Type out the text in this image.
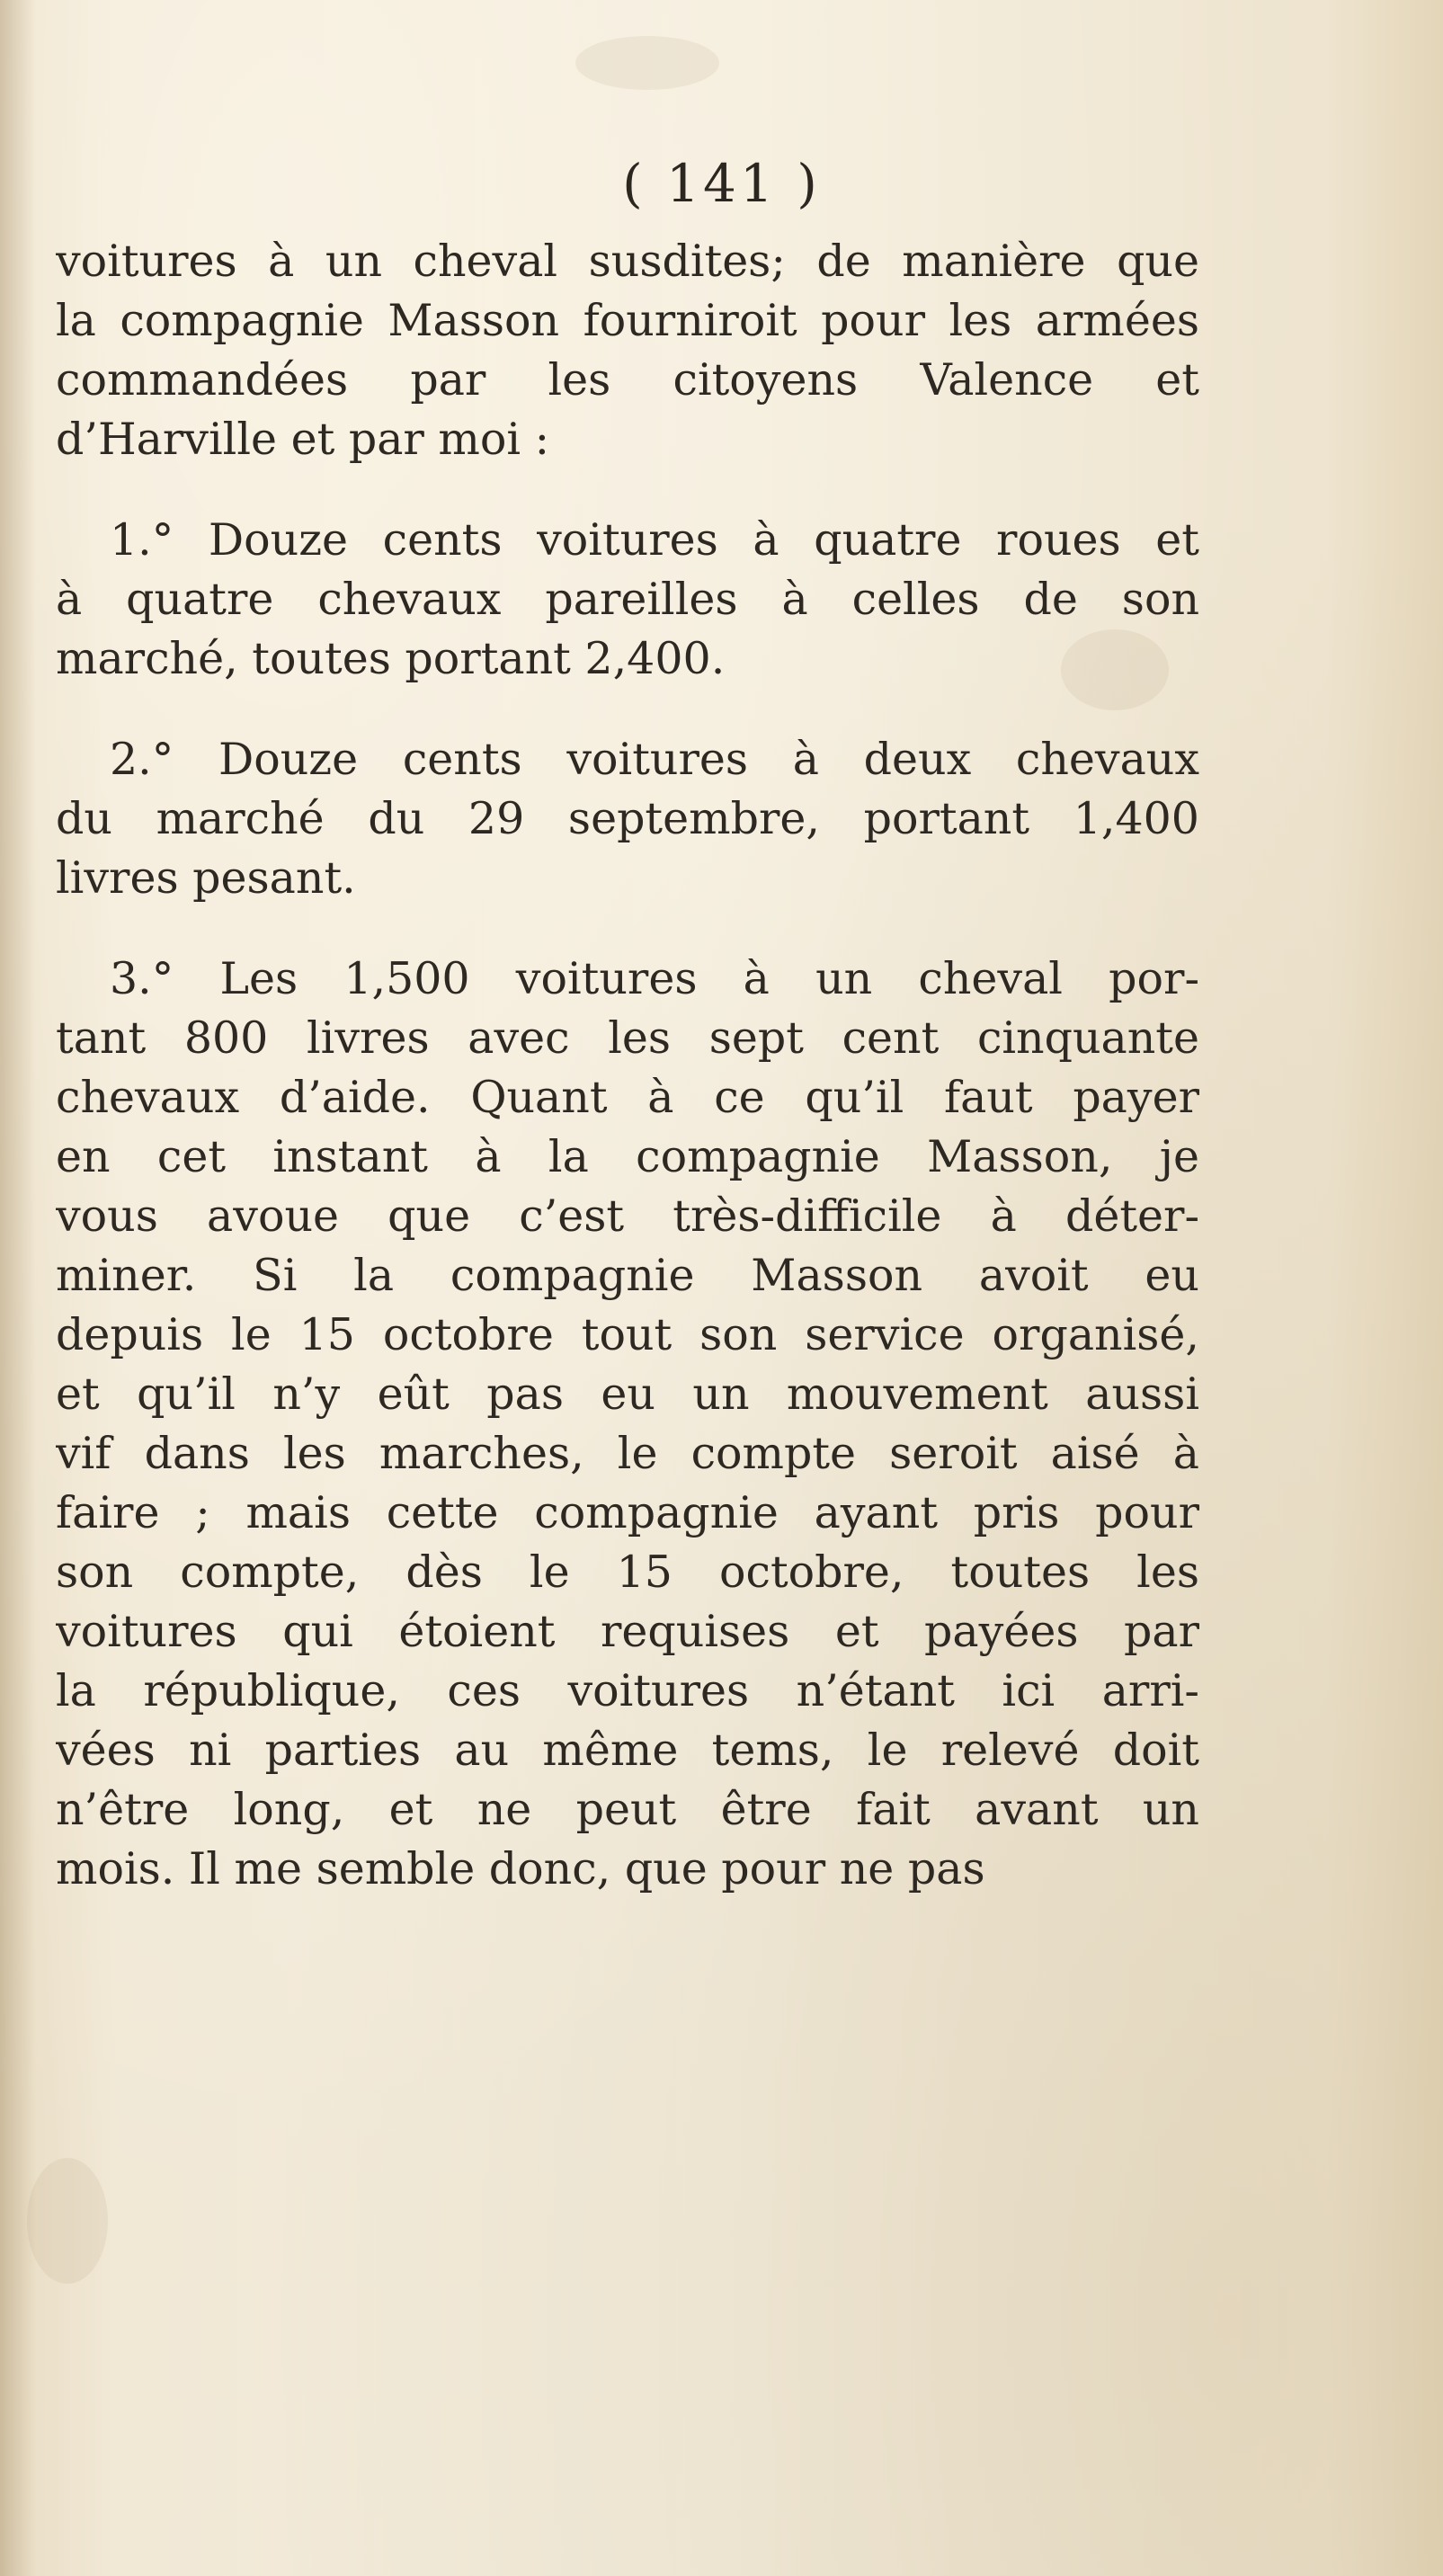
( 141 )
voitures à un cheval susdites; de manière que
la compagnie Masson fourniroit pour les armées
commandées par les citoyens Valence et
d’Harville et par moi :
1.° Douze cents voitures à quatre roues et
à quatre chevaux pareilles à celles de son
marché, toutes portant 2,400.
2.° Douze cents voitures à deux chevaux
du marché du 29 septembre, portant 1,400
livres pesant.
3.° Les 1,500 voitures à un cheval por-
tant 800 livres avec les sept cent cinquante
chevaux d’aide. Quant à ce qu’il faut payer
en cet instant à la compagnie Masson, je
vous avoue que c’est très-difficile à déter-
miner. Si la compagnie Masson avoit eu
depuis le 15 octobre tout son service organisé,
et qu’il n’y eût pas eu un mouvement aussi
vif dans les marches, le compte seroit aisé à
faire ; mais cette compagnie ayant pris pour
son compte, dès le 15 octobre, toutes les
voitures qui étoient requises et payées par
la république, ces voitures n’étant ici arri-
vées ni parties au même tems, le relevé doit
n’être long, et ne peut être fait avant un
mois. Il me semble donc, que pour ne pas
